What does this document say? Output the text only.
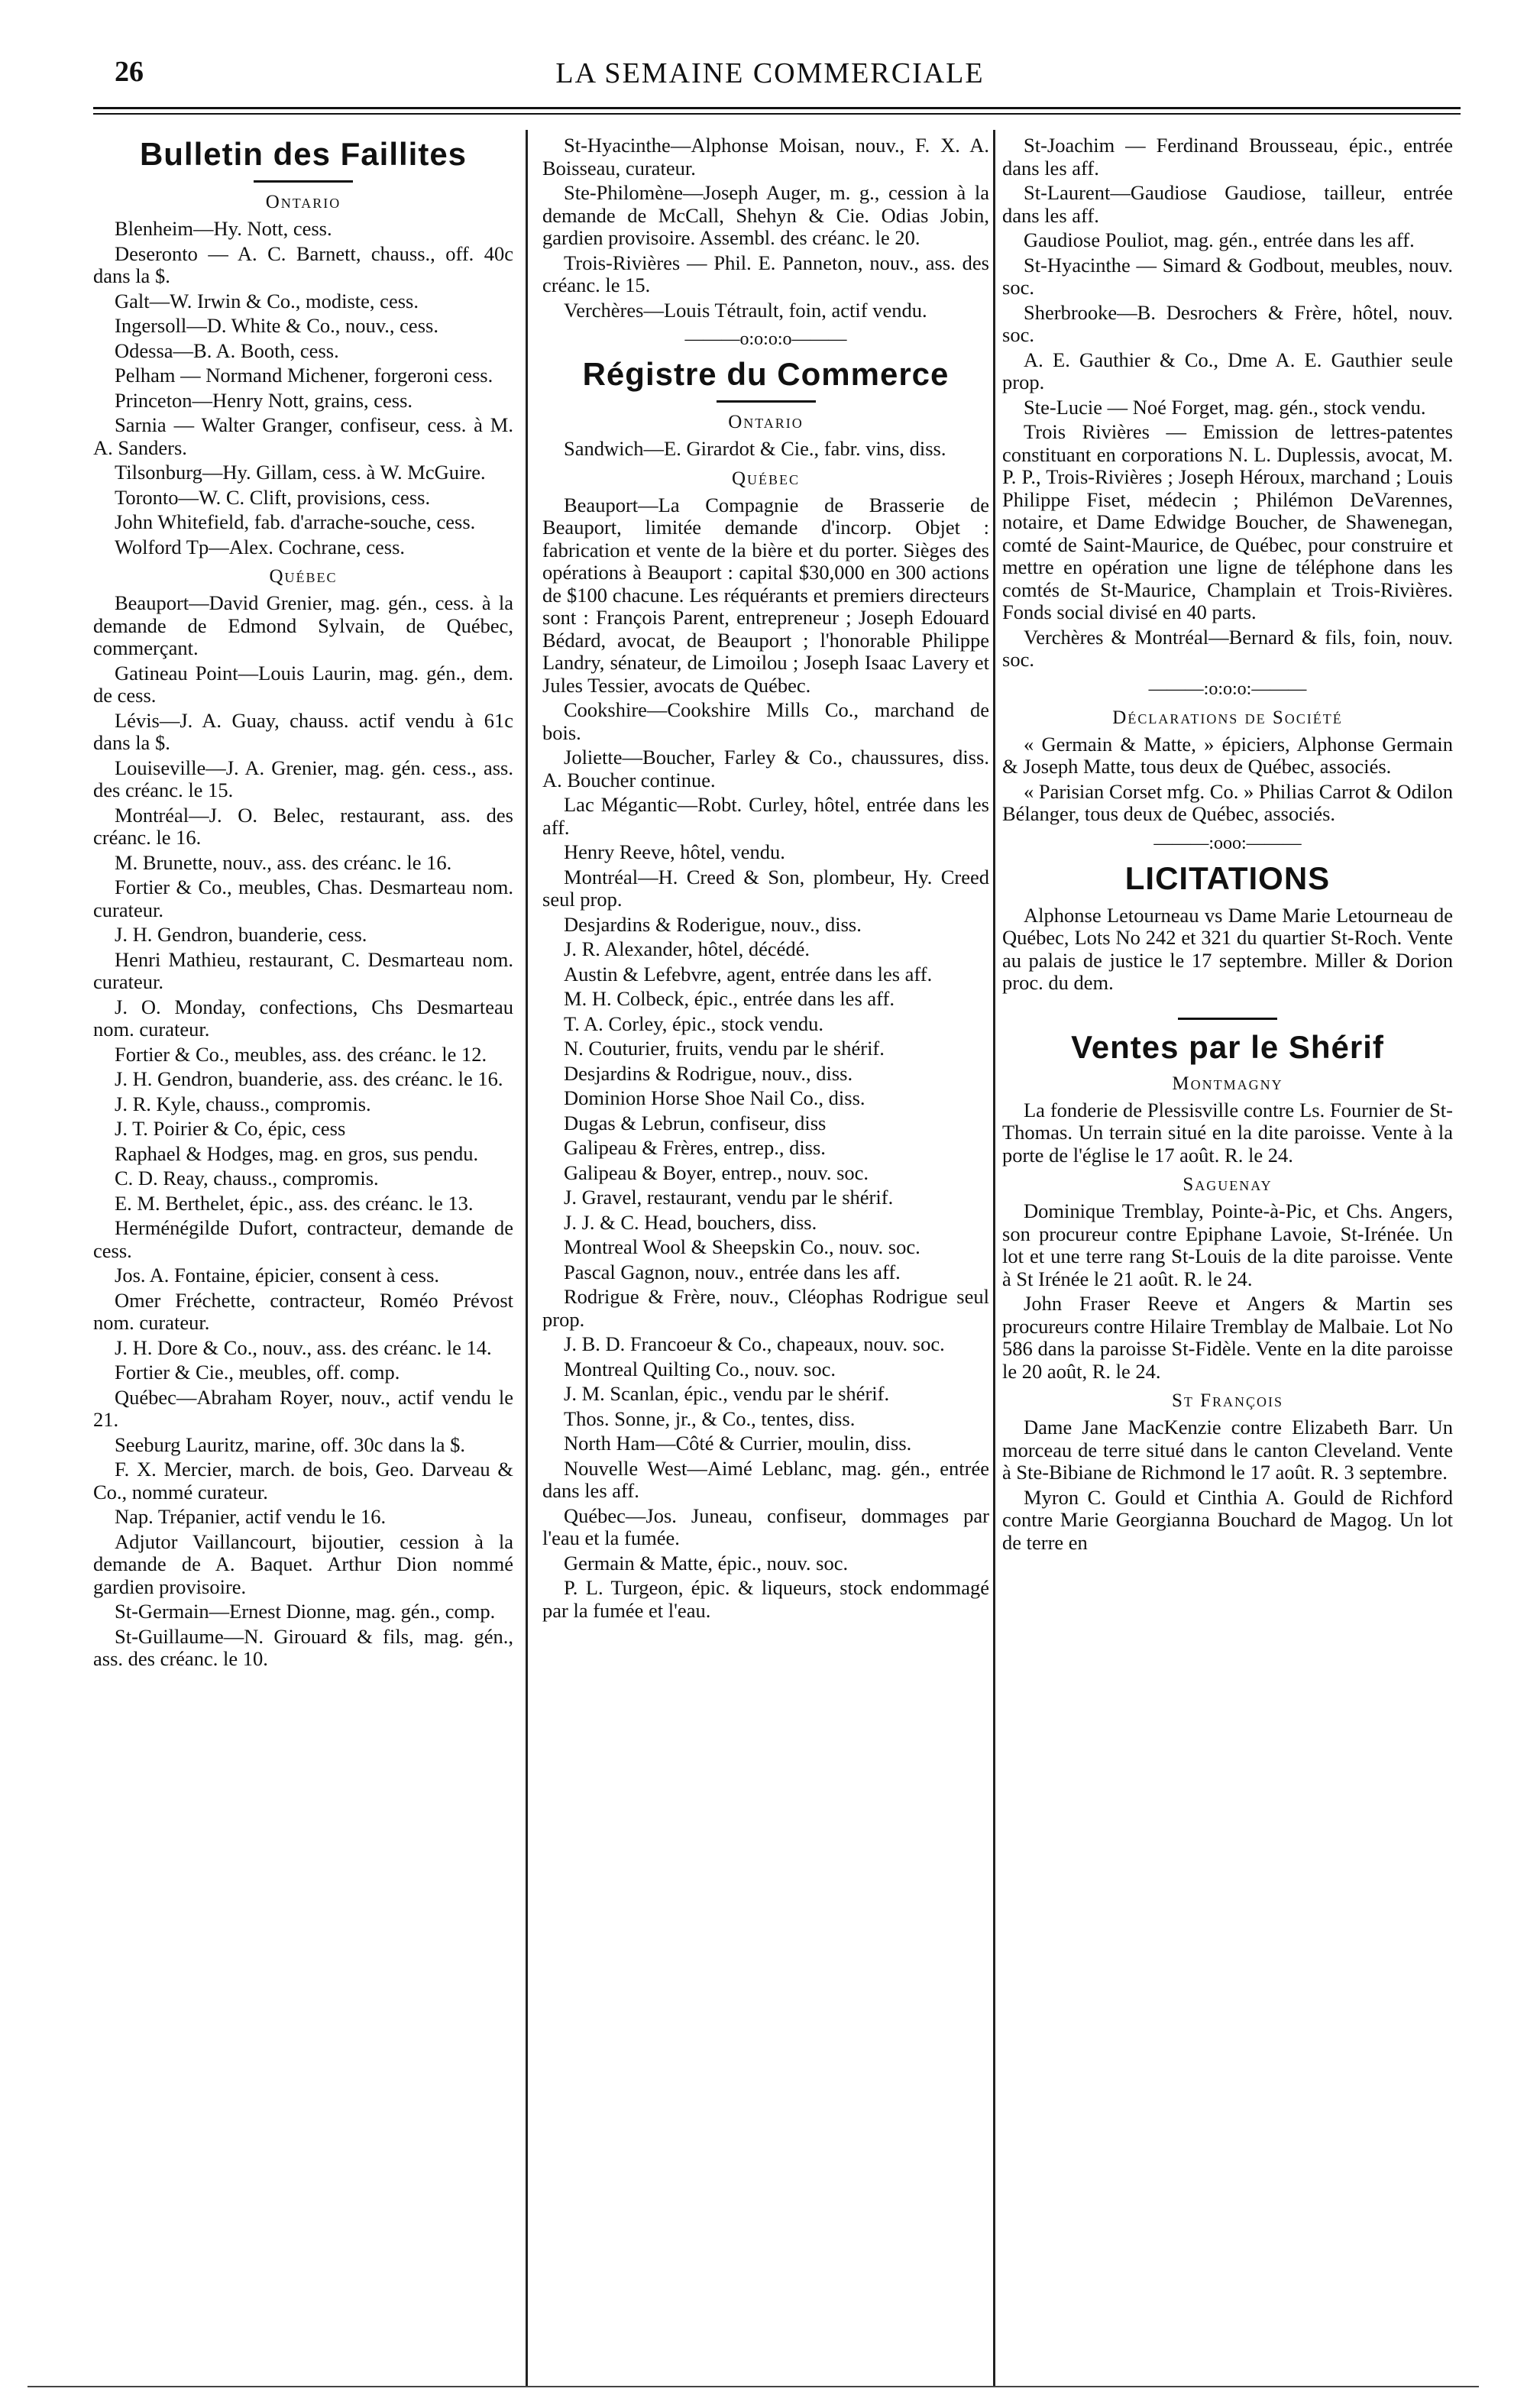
26	LA SEMAINE COMMERCIALE
Bulletin des Faillites
Ontario
Blenheim—Hy. Nott, cess.
Deseronto — A. C. Barnett, chauss., off. 40c dans la $.
Galt—W. Irwin & Co., modiste, cess.
Ingersoll—D. White & Co., nouv., cess.
Odessa—B. A. Booth, cess.
Pelham — Normand Michener, forgeroni cess.
Princeton—Henry Nott, grains, cess.
Sarnia — Walter Granger, confiseur, cess. à M. A. Sanders.
Tilsonburg—Hy. Gillam, cess. à W. McGuire.
Toronto—W. C. Clift, provisions, cess.
John Whitefield, fab. d'arrache-souche, cess.
Wolford Tp—Alex. Cochrane, cess.
Québec
Beauport—David Grenier, mag. gén., cess. à la demande de Edmond Sylvain, de Québec, commerçant.
Gatineau Point—Louis Laurin, mag. gén., dem. de cess.
Lévis—J. A. Guay, chauss. actif vendu à 61c dans la $.
Louiseville—J. A. Grenier, mag. gén. cess., ass. des créanc. le 15.
Montréal—J. O. Belec, restaurant, ass. des créanc. le 16.
M. Brunette, nouv., ass. des créanc. le 16.
Fortier & Co., meubles, Chas. Desmarteau nom. curateur.
J. H. Gendron, buanderie, cess.
Henri Mathieu, restaurant, C. Desmarteau nom. curateur.
J. O. Monday, confections, Chs Desmarteau nom. curateur.
Fortier & Co., meubles, ass. des créanc. le 12.
J. H. Gendron, buanderie, ass. des créanc. le 16.
J. R. Kyle, chauss., compromis.
J. T. Poirier & Co, épic, cess
Raphael & Hodges, mag. en gros, sus pendu.
C. D. Reay, chauss., compromis.
E. M. Berthelet, épic., ass. des créanc. le 13.
Herménégilde Dufort, contracteur, demande de cess.
Jos. A. Fontaine, épicier, consent à cess.
Omer Fréchette, contracteur, Roméo Prévost nom. curateur.
J. H. Dore & Co., nouv., ass. des créanc. le 14.
Fortier & Cie., meubles, off. comp.
Québec—Abraham Royer, nouv., actif vendu le 21.
Seeburg Lauritz, marine, off. 30c dans la $.
F. X. Mercier, march. de bois, Geo. Darveau & Co., nommé curateur.
Nap. Trépanier, actif vendu le 16.
Adjutor Vaillancourt, bijoutier, cession à la demande de A. Baquet. Arthur Dion nommé gardien provisoire.
St-Germain—Ernest Dionne, mag. gén., comp.
St-Guillaume—N. Girouard & fils, mag. gén., ass. des créanc. le 10.
St-Hyacinthe—Alphonse Moisan, nouv., F. X. A. Boisseau, curateur.
Ste-Philomène—Joseph Auger, m. g., cession à la demande de McCall, Shehyn & Cie. Odias Jobin, gardien provisoire. Assembl. des créanc. le 20.
Trois-Rivières — Phil. E. Panneton, nouv., ass. des créanc. le 15.
Verchères—Louis Tétrault, foin, actif vendu.
———o:o:o:o———
Régistre du Commerce
Ontario
Sandwich—E. Girardot & Cie., fabr. vins, diss.
Québec
Beauport—La Compagnie de Brasserie de Beauport, limitée demande d'incorp. Objet : fabrication et vente de la bière et du porter. Sièges des opérations à Beauport : capital $30,000 en 300 actions de $100 chacune. Les réquérants et premiers directeurs sont : François Parent, entrepreneur ; Joseph Edouard Bédard, avocat, de Beauport ; l'honorable Philippe Landry, sénateur, de Limoilou ; Joseph Isaac Lavery et Jules Tessier, avocats de Québec.
Cookshire—Cookshire Mills Co., marchand de bois.
Joliette—Boucher, Farley & Co., chaussures, diss. A. Boucher continue.
Lac Mégantic—Robt. Curley, hôtel, entrée dans les aff.
Henry Reeve, hôtel, vendu.
Montréal—H. Creed & Son, plombeur, Hy. Creed seul prop.
Desjardins & Roderigue, nouv., diss.
J. R. Alexander, hôtel, décédé.
Austin & Lefebvre, agent, entrée dans les aff.
M. H. Colbeck, épic., entrée dans les aff.
T. A. Corley, épic., stock vendu.
N. Couturier, fruits, vendu par le shérif.
Desjardins & Rodrigue, nouv., diss.
Dominion Horse Shoe Nail Co., diss.
Dugas & Lebrun, confiseur, diss
Galipeau & Frères, entrep., diss.
Galipeau & Boyer, entrep., nouv. soc.
J. Gravel, restaurant, vendu par le shérif.
J. J. & C. Head, bouchers, diss.
Montreal Wool & Sheepskin Co., nouv. soc.
Pascal Gagnon, nouv., entrée dans les aff.
Rodrigue & Frère, nouv., Cléophas Rodrigue seul prop.
J. B. D. Francoeur & Co., chapeaux, nouv. soc.
Montreal Quilting Co., nouv. soc.
J. M. Scanlan, épic., vendu par le shérif.
Thos. Sonne, jr., & Co., tentes, diss.
North Ham—Côté & Currier, moulin, diss.
Nouvelle West—Aimé Leblanc, mag. gén., entrée dans les aff.
Québec—Jos. Juneau, confiseur, dommages par l'eau et la fumée.
Germain & Matte, épic., nouv. soc.
P. L. Turgeon, épic. & liqueurs, stock endommagé par la fumée et l'eau.
St-Joachim — Ferdinand Brousseau, épic., entrée dans les aff.
St-Laurent—Gaudiose Gaudiose, tailleur, entrée dans les aff.
Gaudiose Pouliot, mag. gén., entrée dans les aff.
St-Hyacinthe — Simard & Godbout, meubles, nouv. soc.
Sherbrooke—B. Desrochers & Frère, hôtel, nouv. soc.
A. E. Gauthier & Co., Dme A. E. Gauthier seule prop.
Ste-Lucie — Noé Forget, mag. gén., stock vendu.
Trois Rivières — Emission de lettres-patentes constituant en corporations N. L. Duplessis, avocat, M. P. P., Trois-Rivières ; Joseph Héroux, marchand ; Louis Philippe Fiset, médecin ; Philémon DeVarennes, notaire, et Dame Edwidge Boucher, de Shawenegan, comté de Saint-Maurice, de Québec, pour construire et mettre en opération une ligne de téléphone dans les comtés de St-Maurice, Champlain et Trois-Rivières. Fonds social divisé en 40 parts.
Verchères & Montréal—Bernard & fils, foin, nouv. soc.
———:o:o:o:———
Déclarations de Société
« Germain & Matte, » épiciers, Alphonse Germain & Joseph Matte, tous deux de Québec, associés.
« Parisian Corset mfg. Co. » Philias Carrot & Odilon Bélanger, tous deux de Québec, associés.
———:ooo:———
LICITATIONS
Alphonse Letourneau vs Dame Marie Letourneau de Québec, Lots No 242 et 321 du quartier St-Roch. Vente au palais de justice le 17 septembre. Miller & Dorion proc. du dem.
Ventes par le Shérif
Montmagny
La fonderie de Plessisville contre Ls. Fournier de St-Thomas. Un terrain situé en la dite paroisse. Vente à la porte de l'église le 17 août. R. le 24.
Saguenay
Dominique Tremblay, Pointe-à-Pic, et Chs. Angers, son procureur contre Epiphane Lavoie, St-Irénée. Un lot et une terre rang St-Louis de la dite paroisse. Vente à St Irénée le 21 août. R. le 24.
John Fraser Reeve et Angers & Martin ses procureurs contre Hilaire Tremblay de Malbaie. Lot No 586 dans la paroisse St-Fidèle. Vente en la dite paroisse le 20 août, R. le 24.
St François
Dame Jane MacKenzie contre Elizabeth Barr. Un morceau de terre situé dans le canton Cleveland. Vente à Ste-Bibiane de Richmond le 17 août. R. 3 septembre.
Myron C. Gould et Cinthia A. Gould de Richford contre Marie Georgianna Bouchard de Magog. Un lot de terre en
